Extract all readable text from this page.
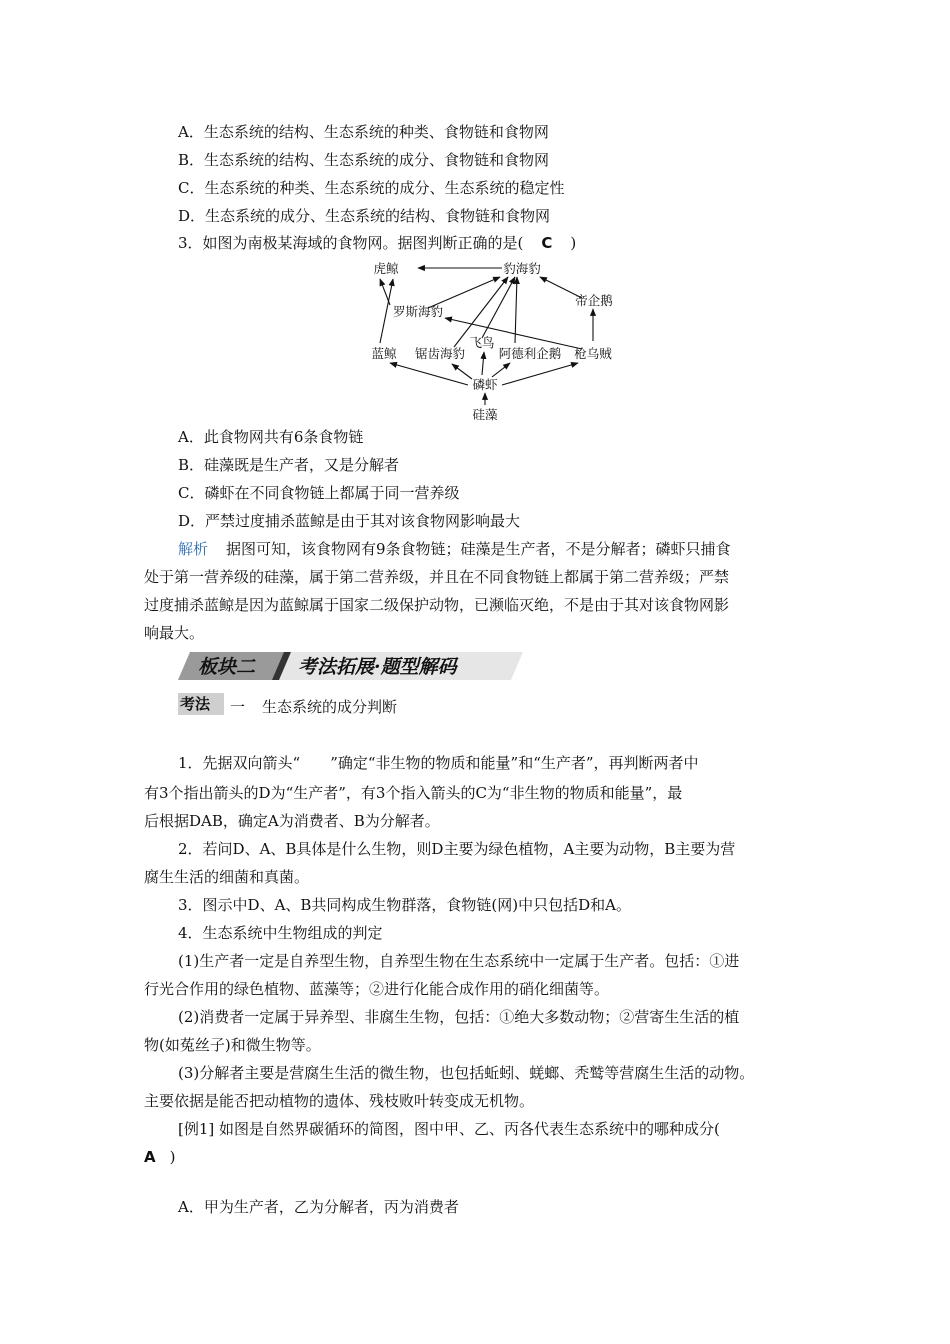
A．生态系统的结构、生态系统的种类、食物链和食物网
B．生态系统的结构、生态系统的成分、食物链和食物网
C．生态系统的种类、生态系统的成分、生态系统的稳定性
D．生态系统的成分、生态系统的结构、食物链和食物网
3．如图为南极某海域的食物网。据图判断正确的是( C )
虎鲸	豹海豹
帝企鹅
罗斯海豹
蓝鲸 锯齿海豹
飞鸟
阿德利企鹅 枪乌贼
磷虾
硅藻
A．此食物网共有6条食物链
B．硅藻既是生产者，又是分解者
C．磷虾在不同食物链上都属于同一营养级
D．严禁过度捕杀蓝鲸是由于其对该食物网影响最大
解析 据图可知，该食物网有9条食物链；硅藻是生产者，不是分解者；磷虾只捕食
处于第一营养级的硅藻，属于第二营养级，并且在不同食物链上都属于第二营养级；严禁
过度捕杀蓝鲸是因为蓝鲸属于国家二级保护动物，已濒临灭绝，不是由于其对该食物网影
响最大。
板块二 考法拓展·题型解码
考法 一 生态系统的成分判断
1．先据双向箭头“　　”确定“非生物的物质和能量”和“生产者”，再判断两者中
有3个指出箭头的D为“生产者”，有3个指入箭头的C为“非生物的物质和能量”，最
后根据DAB，确定A为消费者、B为分解者。
2．若问D、A、B具体是什么生物，则D主要为绿色植物，A主要为动物，B主要为营
腐生生活的细菌和真菌。
3．图示中D、A、B共同构成生物群落，食物链(网)中只包括D和A。
4．生态系统中生物组成的判定
(1)生产者一定是自养型生物，自养型生物在生态系统中一定属于生产者。包括：①进
行光合作用的绿色植物、蓝藻等；②进行化能合成作用的硝化细菌等。
(2)消费者一定属于异养型、非腐生生物，包括：①绝大多数动物；②营寄生生活的植
物(如菟丝子)和微生物等。
(3)分解者主要是营腐生生活的微生物，也包括蚯蚓、蜣螂、秃鹫等营腐生生活的动物。
主要依据是能否把动植物的遗体、残枝败叶转变成无机物。
[例1] 如图是自然界碳循环的简图，图中甲、乙、丙各代表生态系统中的哪种成分(
A )
A．甲为生产者，乙为分解者，丙为消费者
